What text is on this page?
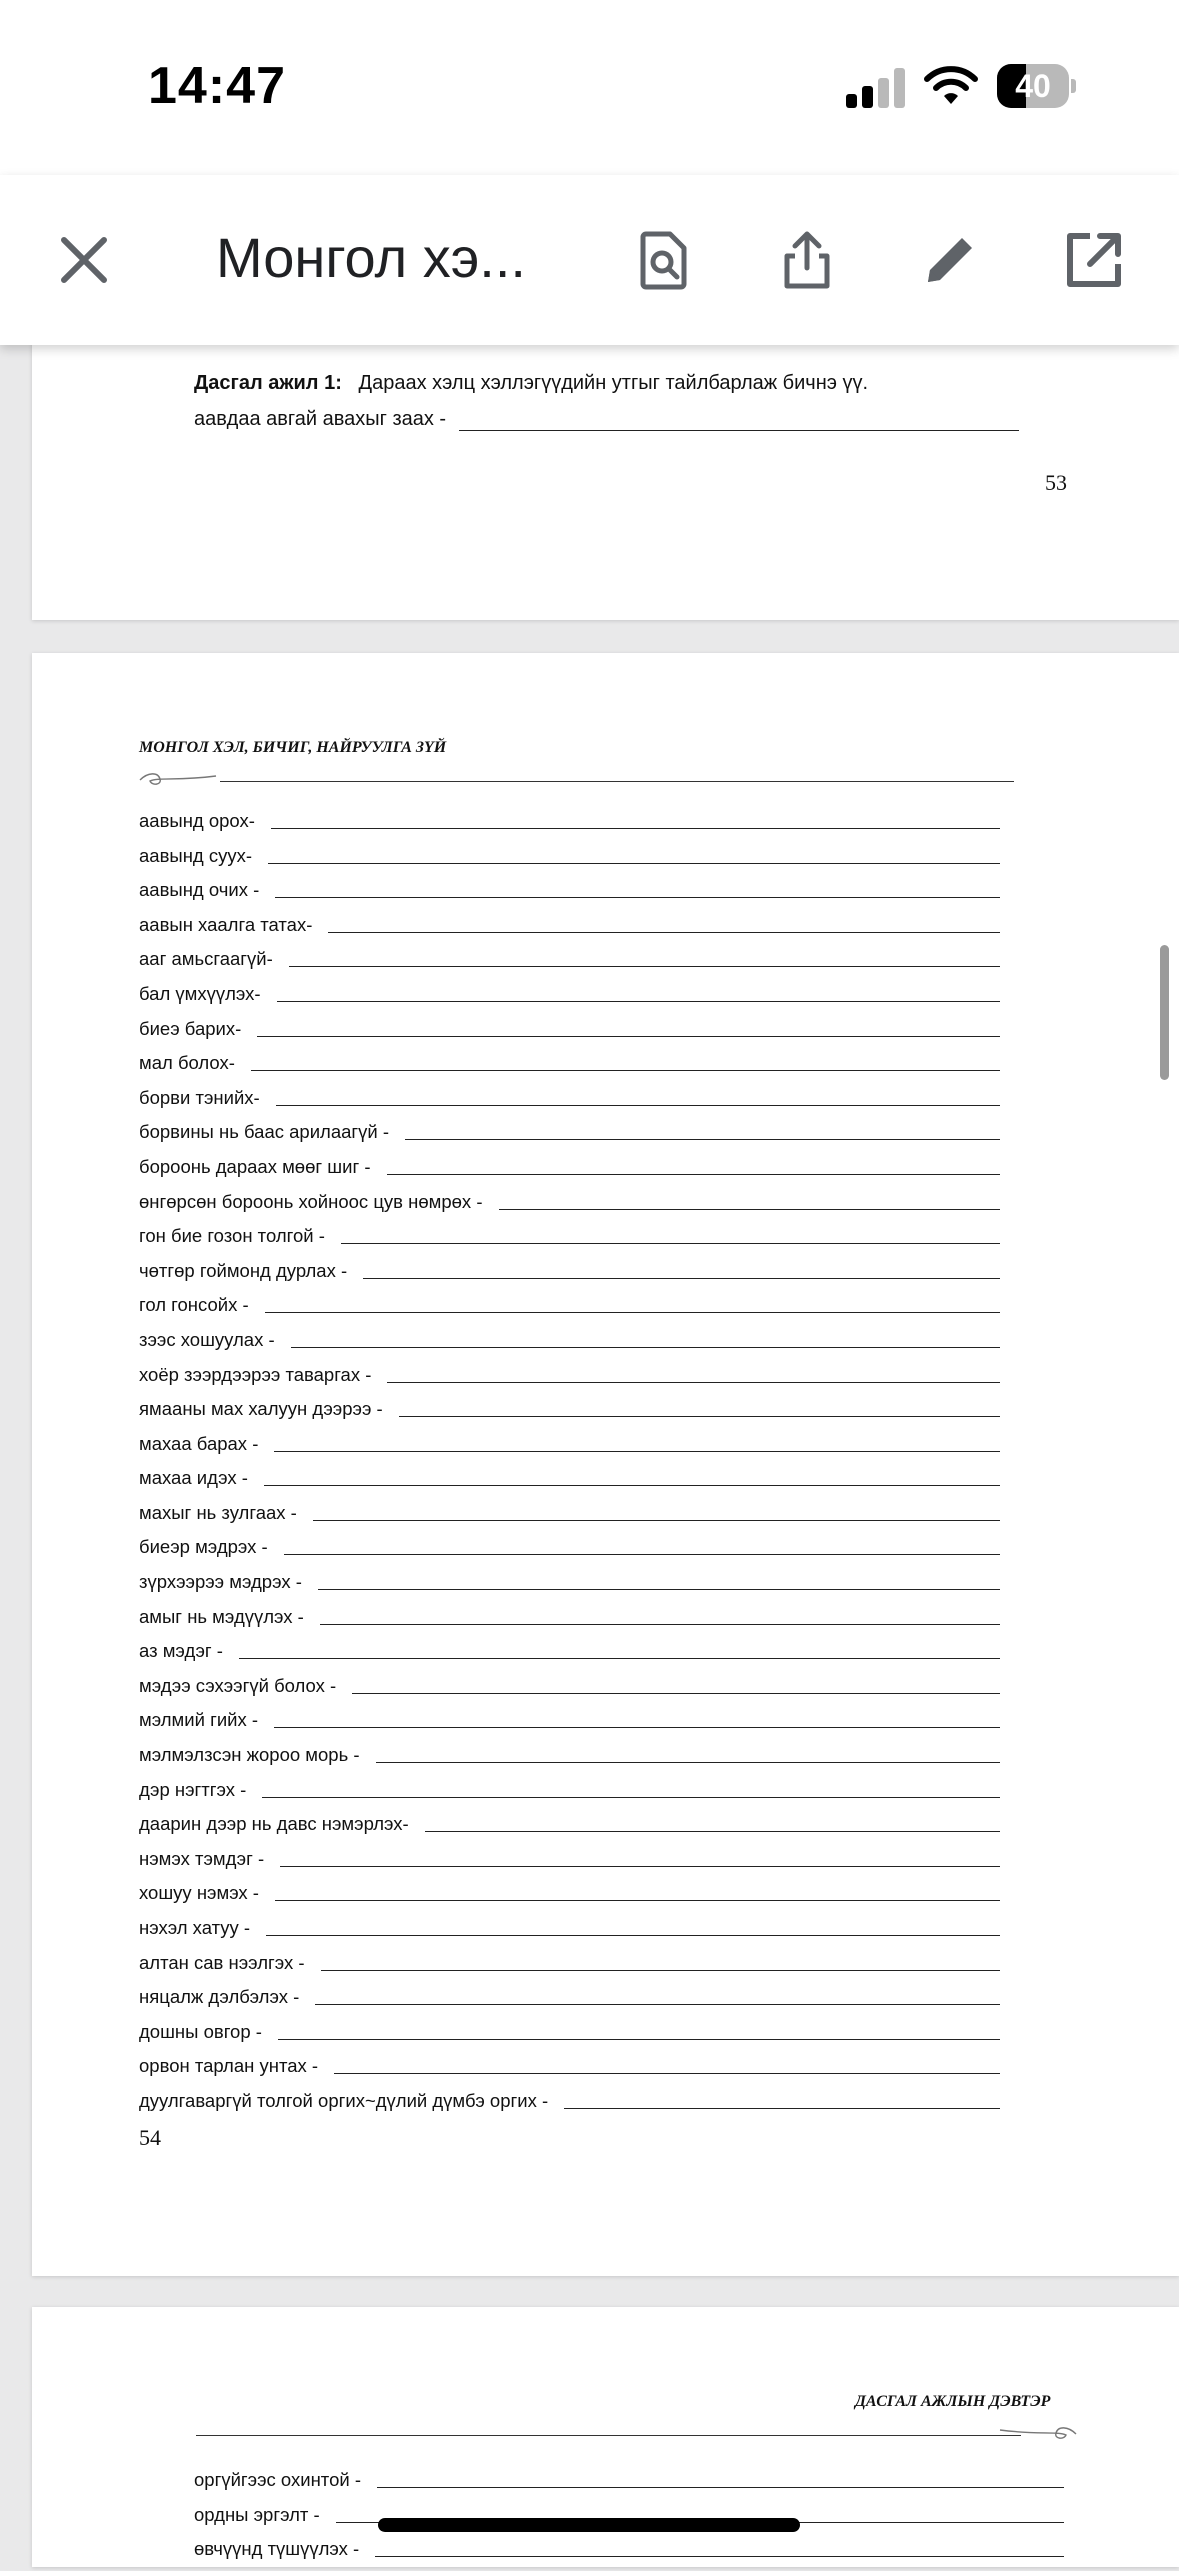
14:47	40
Монгол хэ...
Дасгал ажил 1: Дараах хэлц хэллэгүүдийн утгыг тайлбарлаж бичнэ үү.
аавдаа авгай авахыг заах -
53
МОНГОЛ ХЭЛ, БИЧИГ, НАЙРУУЛГА ЗҮЙ
аавынд орох-
аавынд суух-
аавынд очих -
аавын хаалга татах-
ааг амьсгаагүй-
бал үмхүүлэх-
биеэ барих-
мал болох-
борви тэнийх-
борвины нь баас арилаагүй -
бороонь дараах мөөг шиг -
өнгөрсөн бороонь хойноос цув нөмрөх -
гон бие гозон толгой -
чөтгөр гоймонд дурлах -
гол гонсойх -
зээс хошуулах -
хоёр зээрдээрээ таваргах -
ямааны мах халуун дээрээ -
махаа барах -
махаа идэх -
махыг нь зулгаах -
биеэр мэдрэх -
зүрхээрээ мэдрэх -
амыг нь мэдүүлэх -
аз мэдэг -
мэдээ сэхээгүй болох -
мэлмий гийх -
мэлмэлзсэн жороо морь -
дэр нэгтгэх -
даарин дээр нь давс нэмэрлэх-
нэмэх тэмдэг -
хошуу нэмэх -
нэхэл хатуу -
алтан сав нээлгэх -
няцалж дэлбэлэх -
дошны овгор -
орвон тарлан унтах -
дуулгаваргүй толгой оргих~дүлий дүмбэ оргих -
54
ДАСГАЛ АЖЛЫН ДЭВТЭР
оргүйгээс охинтой -
ордны эргэлт -
өвчүүнд түшүүлэх -
